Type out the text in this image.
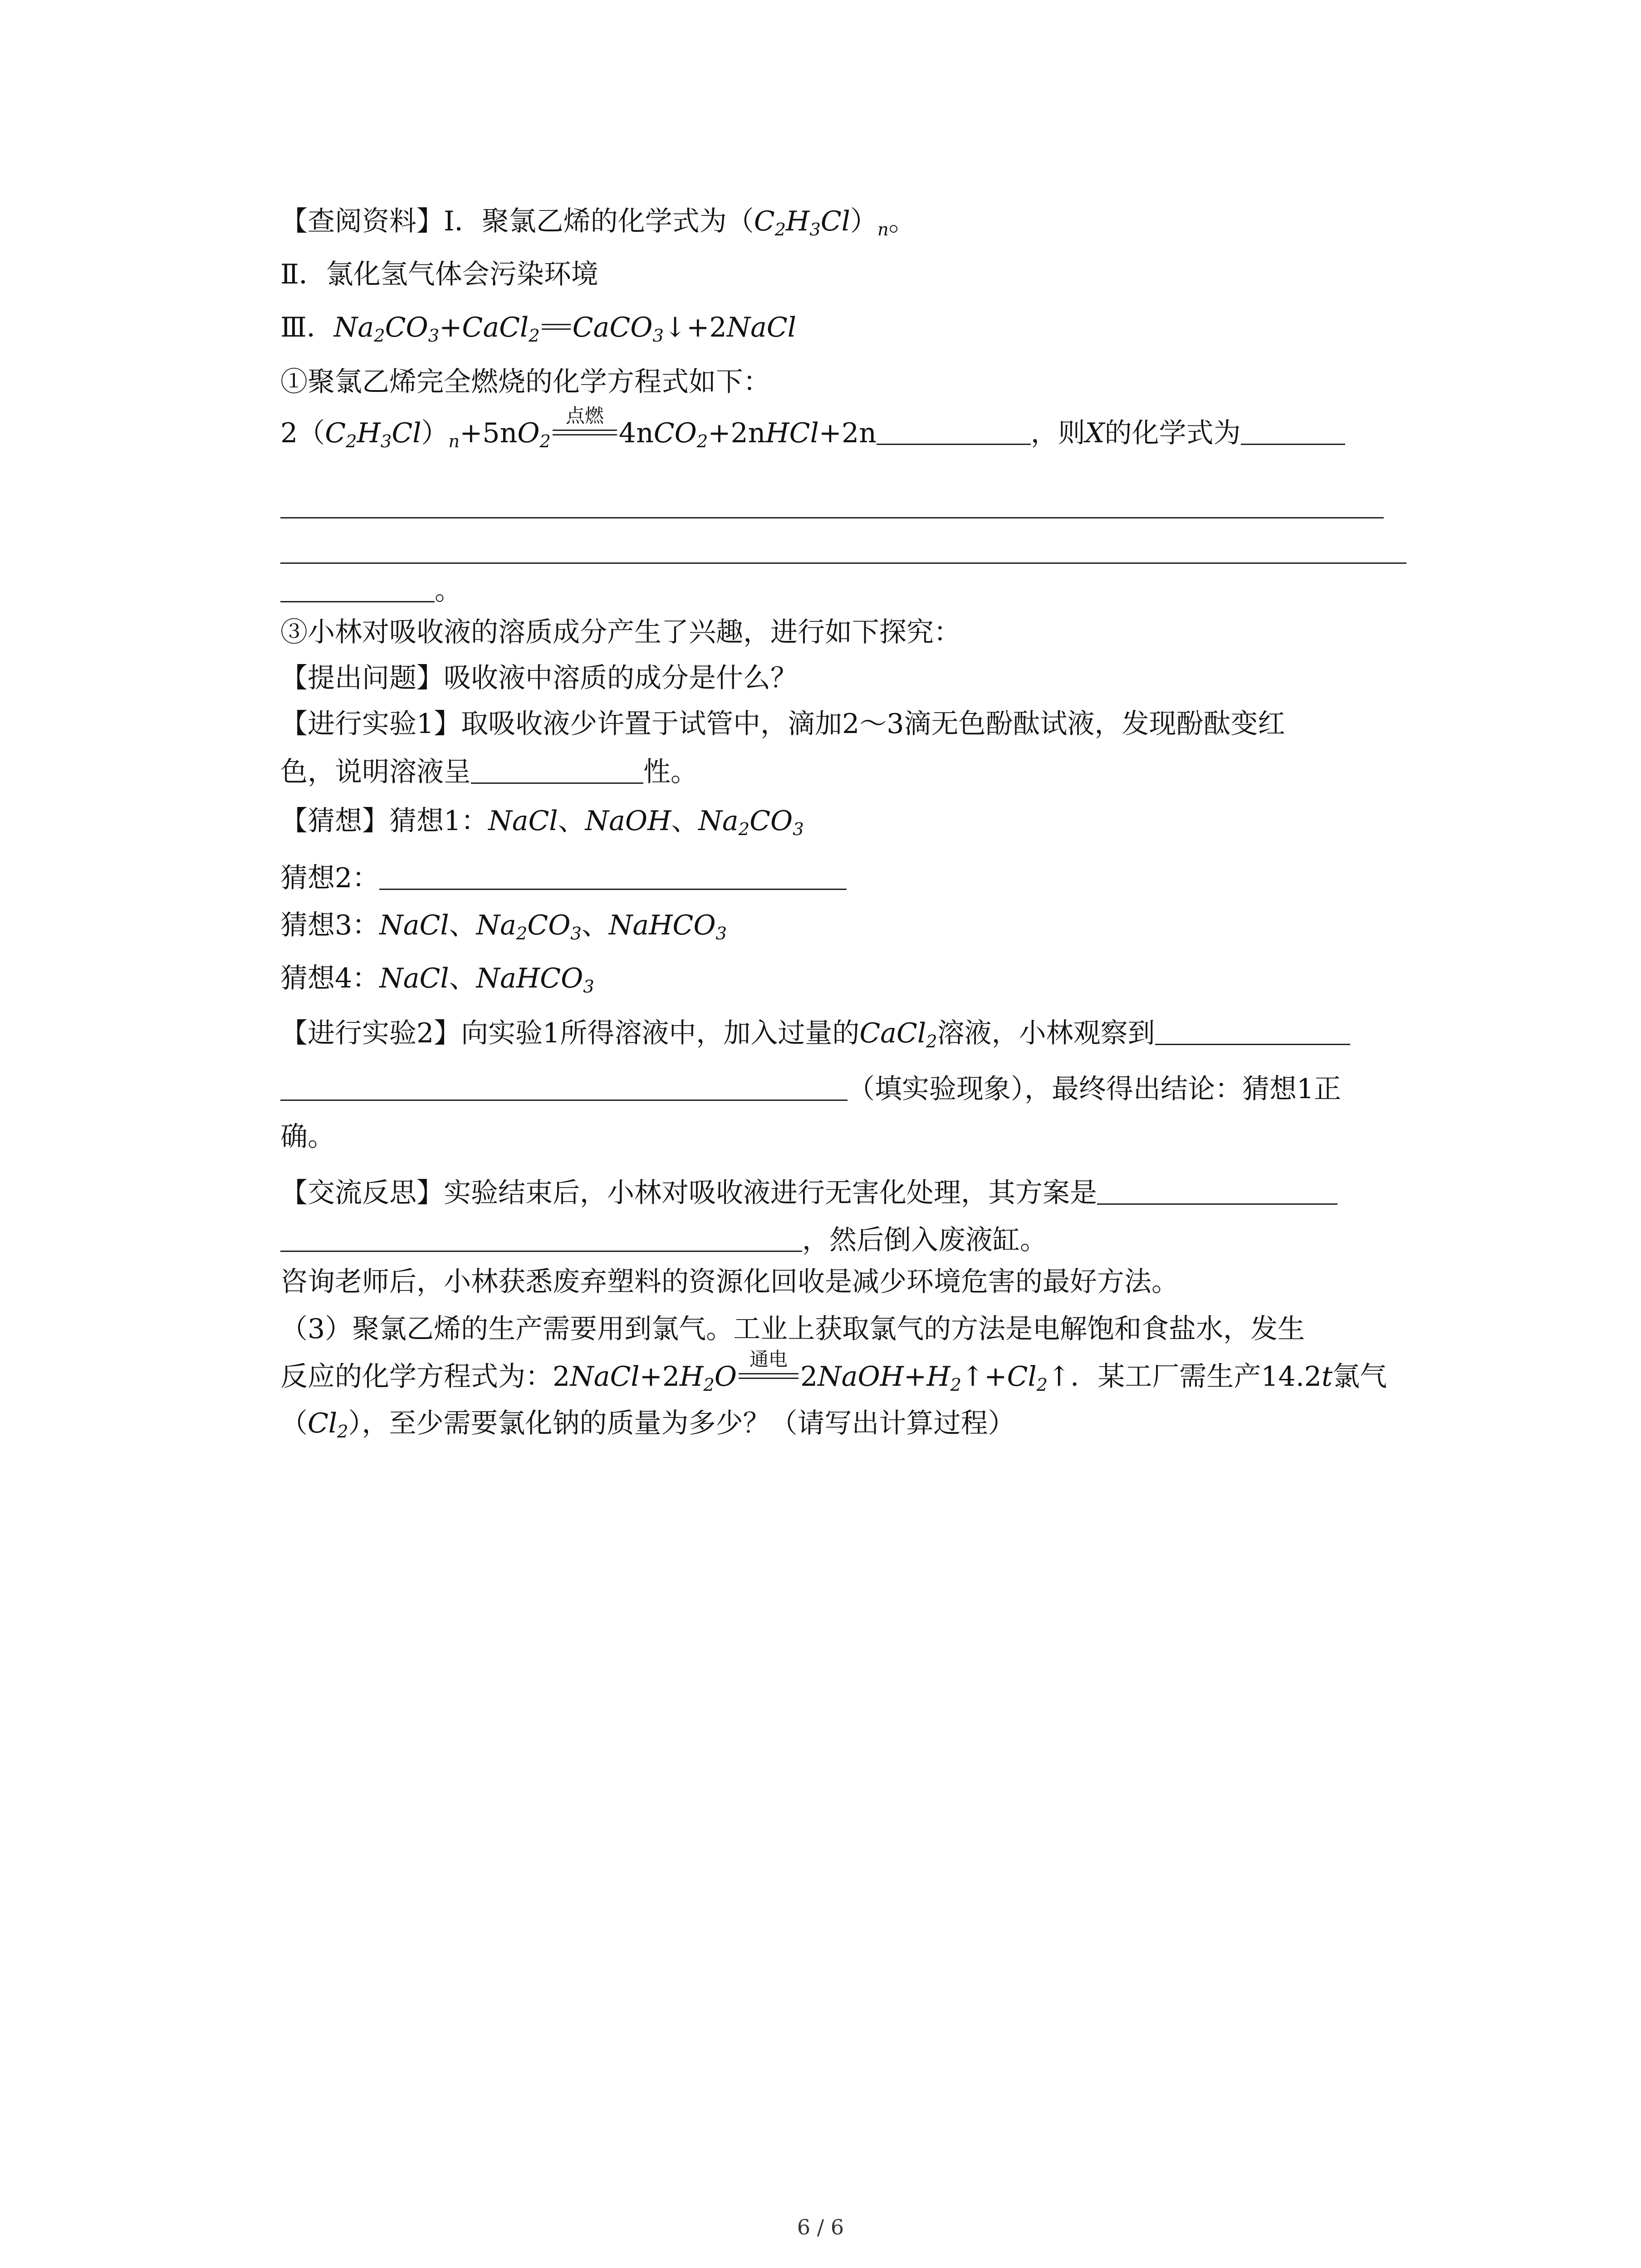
【查阅资料】Ⅰ．聚氯乙烯的化学式为$(C_2H_3Cl)_n$。
Ⅱ．氯化氢气体会污染环境
Ⅲ．$Na_2CO_3+CaCl_2$ CaCO$_3$↓+2NaCl
①聚氯乙烯完全燃烧的化学方程式如下：
$2(C_2H_3Cl)_n+5nO_2$
点燃
4nCO$_2$+2nHCl+2n	，则X的化学式为
。
③小林对吸收液的溶质成分产生了兴趣，进行如下探究：
【提出问题】吸收液中溶质的成分是什么？
【进行实验1】取吸收液少许置于试管中，滴加2～3滴无色酚酞试液，发现酚酞变红
色，说明溶液呈	性。
【猜想】猜想1：NaCl、NaOH、$Na_2CO_3$
猜想2：
猜想3：NaCl、$Na_2CO_3$、NaHCO$_3$
猜想4：NaCl、NaHCO$_3$
【进行实验2】向实验1所得溶液中，加入过量的CaCl$_2$溶液，小林观察到
（填实验现象），最终得出结论：猜想1正
确。
【交流反思】实验结束后，小林对吸收液进行无害化处理，其方案是
，然后倒入废液缸。
咨询老师后，小林获悉废弃塑料的资源化回收是减少环境危害的最好方法。
（3）聚氯乙烯的生产需要用到氯气。工业上获取氯气的方法是电解饱和食盐水，发生
反应的化学方程式为：$2NaCl+2H_2O$
通电
$2NaOH+H_2↑+Cl_2↑$．某工厂需生产14.2t氯气
$(Cl_2)$，至少需要氯化钠的质量为多少？（请写出计算过程）
6 / 6
